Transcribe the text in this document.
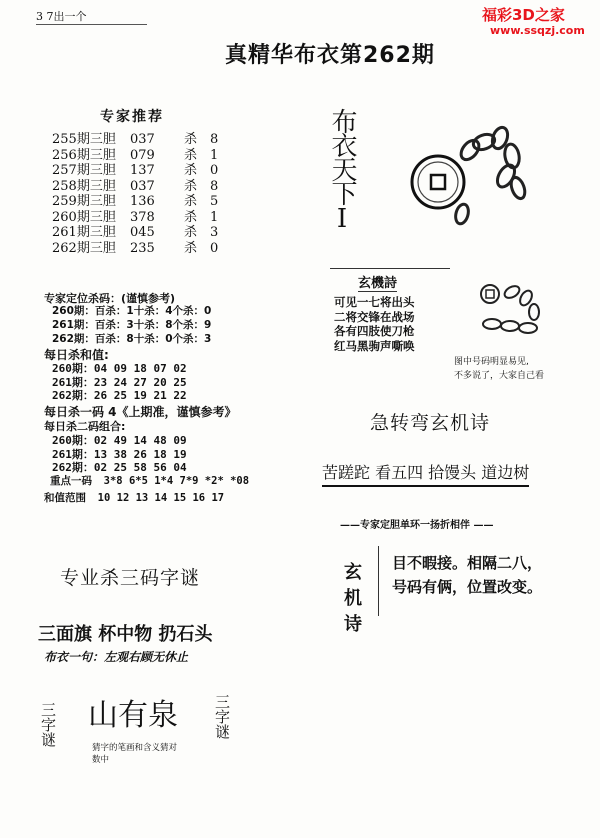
3 7出一个	福彩3D之家
www.ssqzj.com
真精华布衣第262期
专家推荐
255期三胆 037 杀 8
256期三胆 079 杀 1
257期三胆 137 杀 0
258期三胆 037 杀 8
259期三胆 136 杀 5
260期三胆 378 杀 1
261期三胆 045 杀 3
262期三胆 235 杀 0
专家定位杀码：(谨慎参考)
260期：百杀：1十杀：4个杀：0
261期：百杀：3十杀：8个杀：9
262期：百杀：8十杀：0个杀：3
每日杀和值:
260期：04 09 18 07 02
261期：23 24 27 20 25
262期：26 25 19 21 22
每日杀一码 4《上期准，谨慎参考》
每日杀二码组合:
260期：02 49 14 48 09
261期：13 38 26 18 19
262期：02 25 58 56 04
重点一码 3*8 6*5 1*4 7*9 *2* *08
和值范围 10 12 13 14 15 16 17
专业杀三码字谜
三面旗 杯中物 扔石头
布衣一句：左观右顾无休止
三字谜 山有泉 三字谜
猜字的笔画和含义猜对数中
布衣天下I
玄機詩
可见一七将出头
二将交锋在战场
各有四肢使刀枪
红马黑驹声嘶唤
图中号码明显易见,
不多说了，大家自己看
急转弯玄机诗
苦蹉跎 看五四 拾馒头 道边树
——专家定胆单环一扬折相伴 ——
玄机诗 目不暇接。相隔二八，
号码有俩，位置改变。
